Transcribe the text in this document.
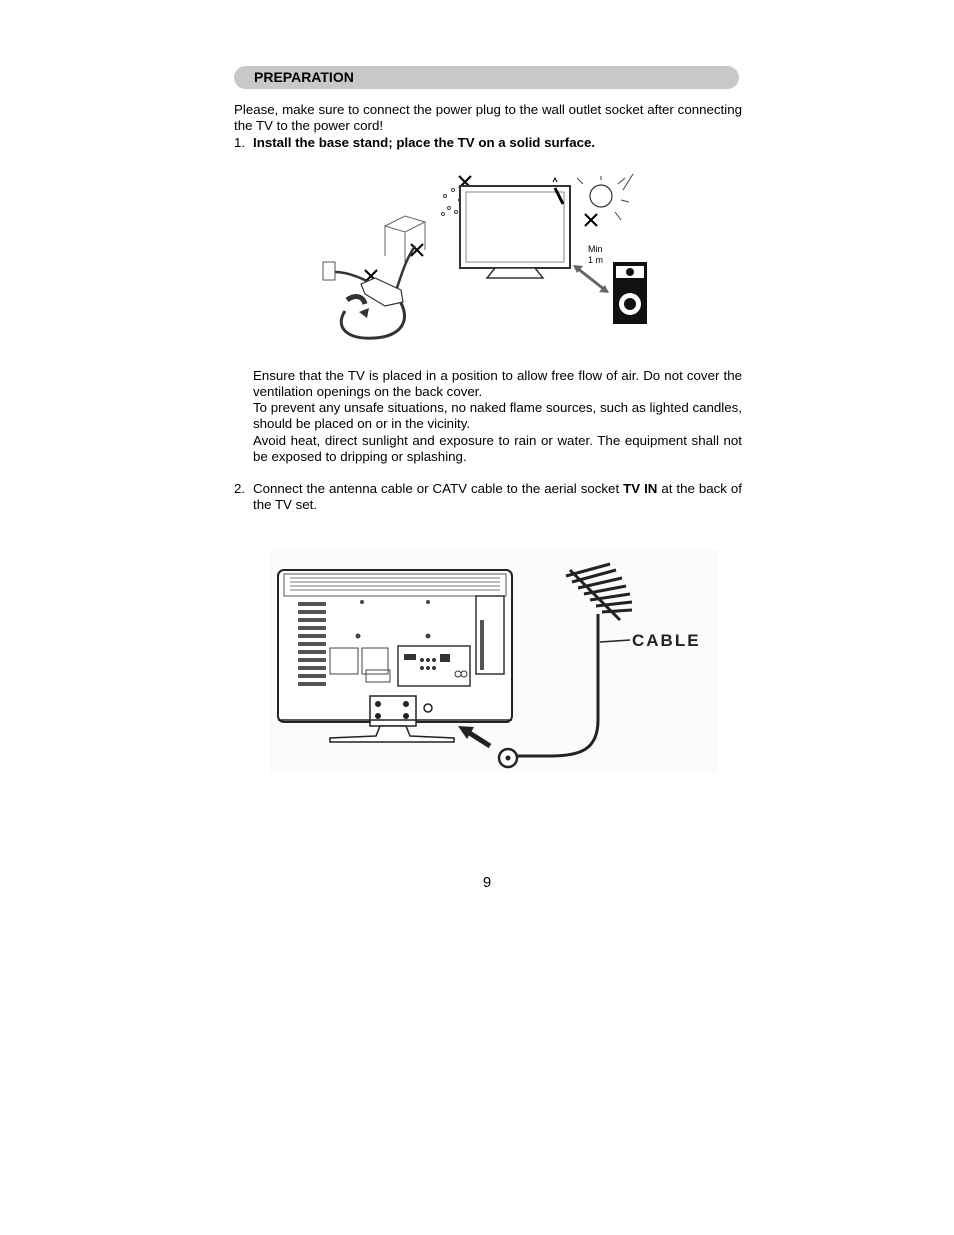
PREPARATION
Please, make sure to connect the power plug to the wall outlet socket after connecting the TV to the power cord!
1. Install the base stand; place the TV on a solid surface.
Min
1 m
Ensure that the TV is placed in a position to allow free flow of air. Do not cover the ventilation openings on the back cover.
To prevent any unsafe situations, no naked flame sources, such as lighted candles, should be placed on or in the vicinity.
Avoid heat, direct sunlight and exposure to rain or water. The equipment shall not be exposed to dripping or splashing.
2. Connect the antenna cable or CATV cable to the aerial socket TV IN at the back of the TV set.
CABLE
9
